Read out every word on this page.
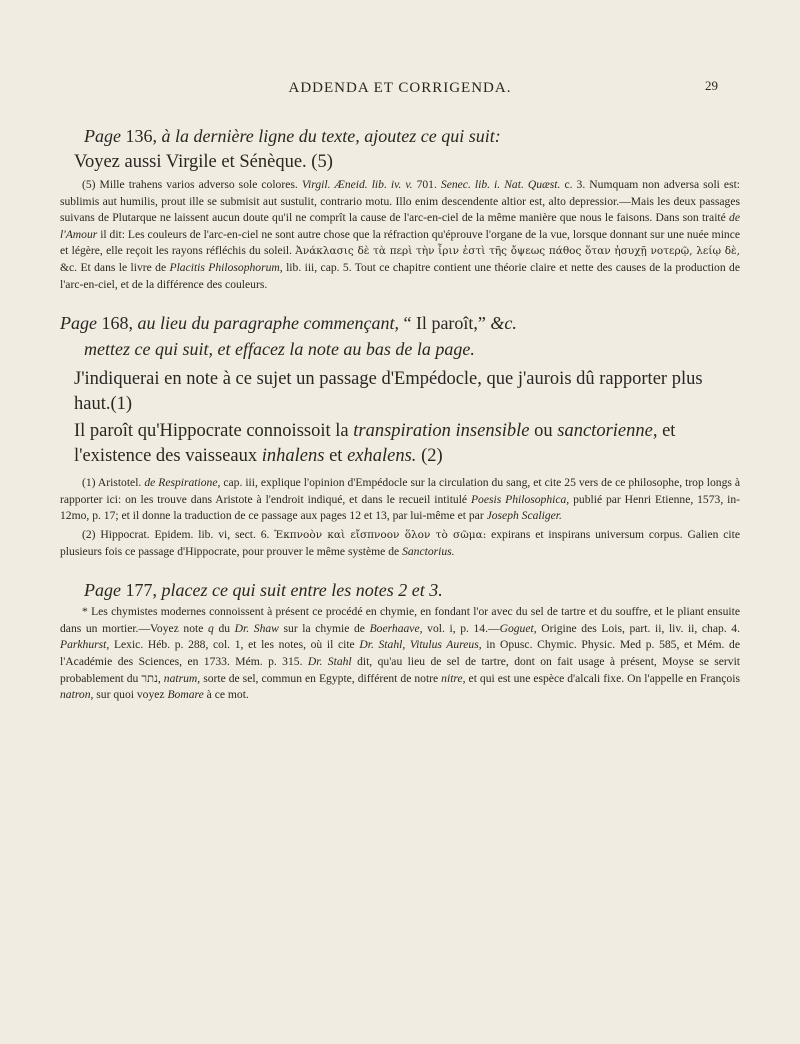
ADDENDA ET CORRIGENDA.	29
Page 136, à la dernière ligne du texte, ajoutez ce qui suit:
Voyez aussi Virgile et Sénèque. (5)

(5) Mille trahens varios adverso sole colores. Virgil. Æneid. lib. iv. v. 701. Senec. lib. i. Nat. Quæst. c. 3. Numquam non adversa soli est: sublimis aut humilis, prout ille se submisit aut sustulit, contrario motu. Illo enim descendente altior est, alto depressior.—Mais les deux passages suivans de Plutarque ne laissent aucun doute qu'il ne comprît la cause de l'arc-en-ciel de la même manière que nous le faisons. Dans son traité de l'Amour il dit: Les couleurs de l'arc-en-ciel ne sont autre chose que la réfraction qu'éprouve l'organe de la vue, lorsque donnant sur une nuée mince et légère, elle reçoit les rayons réfléchis du soleil. Ἀνάκλασις δὲ τὰ περὶ τὴν ἶριν ἐστὶ τῆς ὄψεως πάθος ὅταν ἡσυχῇ νοτερῷ, λείῳ δὲ, &c. Et dans le livre de Placitis Philosophorum, lib. iii, cap. 5. Tout ce chapitre contient une théorie claire et nette des causes de la production de l'arc-en-ciel, et de la différence des couleurs.

Page 168, au lieu du paragraphe commençant, “ Il paroît,” &c.
mettez ce qui suit, et effacez la note au bas de la page.
J'indiquerai en note à ce sujet un passage d'Empédocle, que j'aurois dû rapporter plus haut.(1)
Il paroît qu'Hippocrate connoissoit la transpiration insensible ou sanctorienne, et l'existence des vaisseaux inhalens et exhalens. (2)

(1) Aristotel. de Respiratione, cap. iii, explique l'opinion d'Empédocle sur la circulation du sang, et cite 25 vers de ce philosophe, trop longs à rapporter ici: on les trouve dans Aristote à l'endroit indiqué, et dans le recueil intitulé Poesis Philosophica, publié par Henri Etienne, 1573, in-12mo, p. 17; et il donne la traduction de ce passage aux pages 12 et 13, par lui-même et par Joseph Scaliger.

(2) Hippocrat. Epidem. lib. vi, sect. 6. Ἐκπνοὸν καὶ εἴσπνοον ὅλον τὸ σῶμα: expirans et inspirans universum corpus. Galien cite plusieurs fois ce passage d'Hippocrate, pour prouver le même système de Sanctorius.

Page 177, placez ce qui suit entre les notes 2 et 3.

* Les chymistes modernes connoissent à présent ce procédé en chymie, en fondant l'or avec du sel de tartre et du souffre, et le pliant ensuite dans un mortier.—Voyez note q du Dr. Shaw sur la chymie de Boerhaave, vol. i, p. 14.—Goguet, Origine des Lois, part. ii, liv. ii, chap. 4. Parkhurst, Lexic. Héb. p. 288, col. 1, et les notes, où il cite Dr. Stahl, Vitulus Aureus, in Opusc. Chymic. Physic. Med p. 585, et Mém. de l'Académie des Sciences, en 1733. Mém. p. 315. Dr. Stahl dit, qu'au lieu de sel de tartre, dont on fait usage à présent, Moyse se servit probablement du נתר, natrum, sorte de sel, commun en Egypte, différent de notre nitre, et qui est une espèce d'alcali fixe. On l'appelle en François natron, sur quoi voyez Bomare à ce mot.
